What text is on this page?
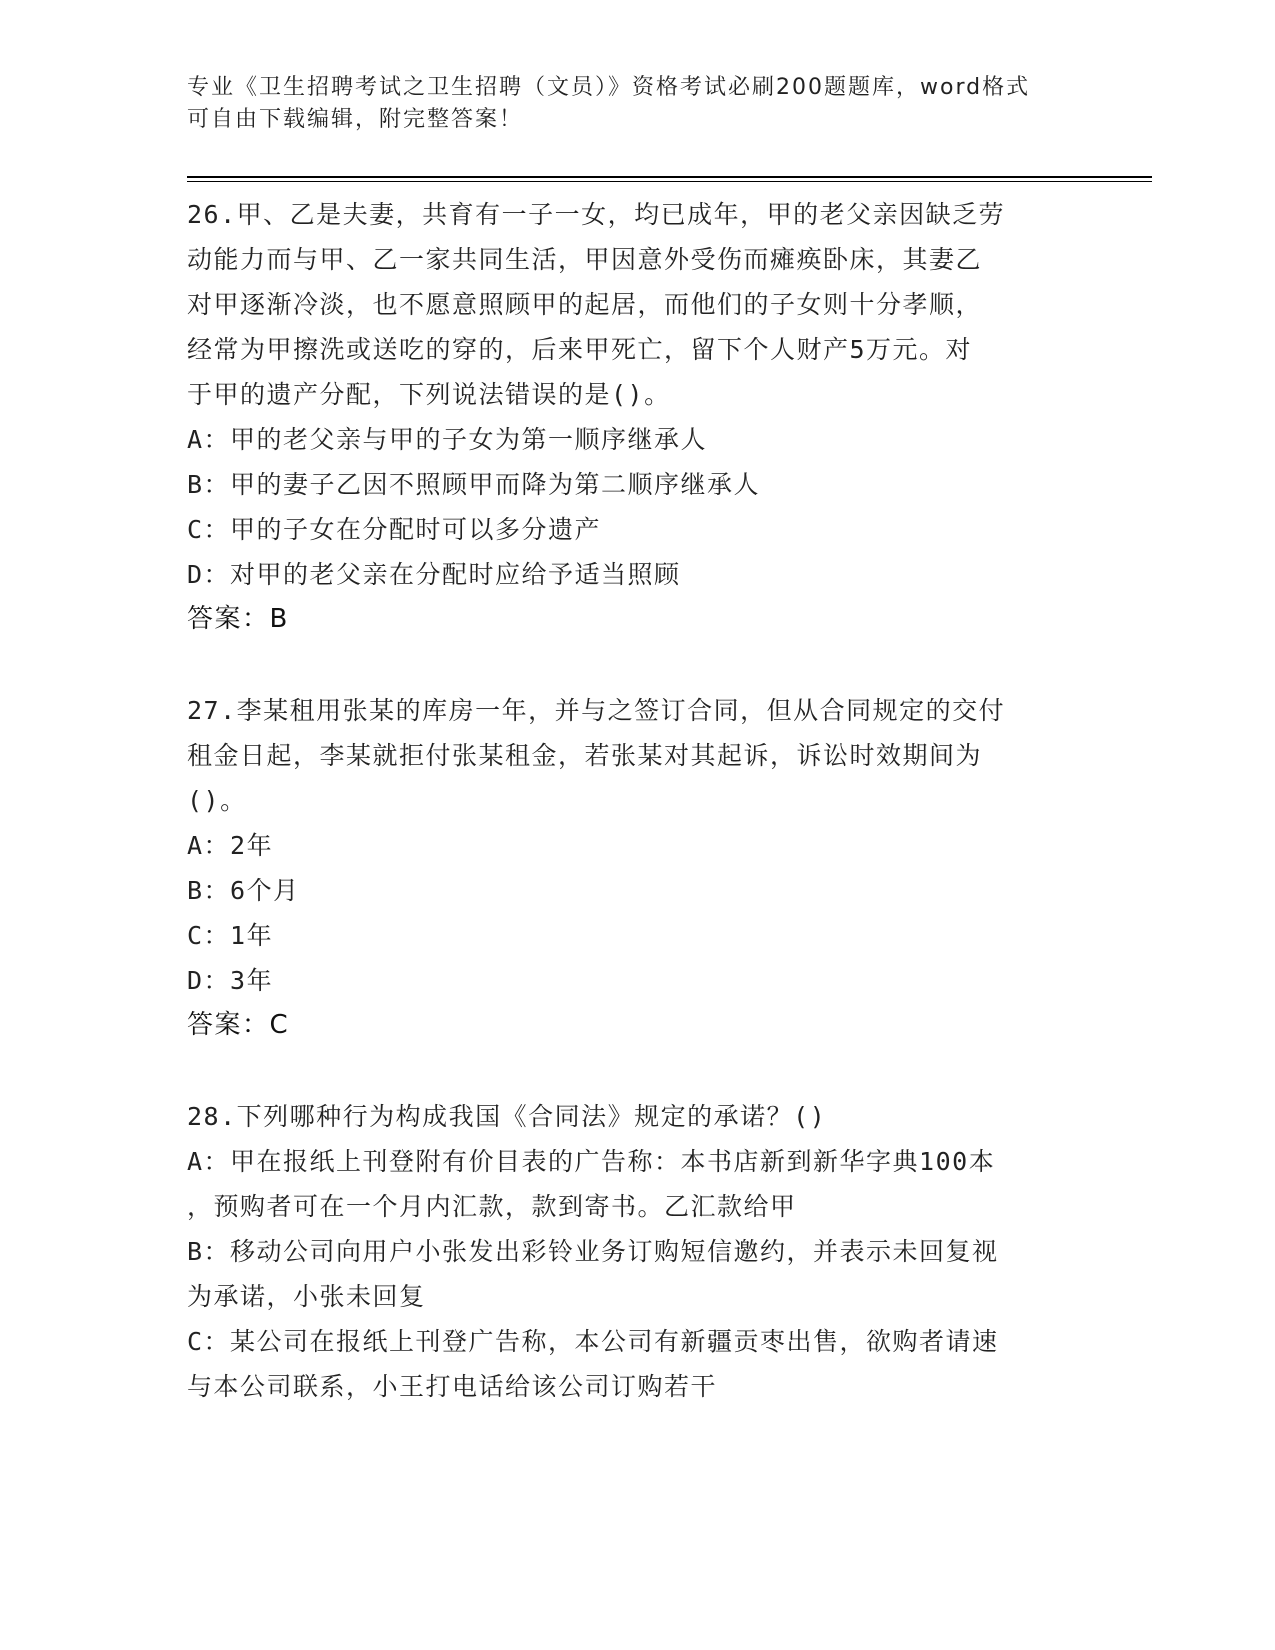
专业《卫生招聘考试之卫生招聘（文员）》资格考试必刷200题题库，word格式
可自由下载编辑，附完整答案！
26.甲、乙是夫妻，共育有一子一女，均已成年，甲的老父亲因缺乏劳
动能力而与甲、乙一家共同生活，甲因意外受伤而瘫痪卧床，其妻乙
对甲逐渐冷淡，也不愿意照顾甲的起居，而他们的子女则十分孝顺，
经常为甲擦洗或送吃的穿的，后来甲死亡，留下个人财产5万元。对
于甲的遗产分配，下列说法错误的是()。
A：甲的老父亲与甲的子女为第一顺序继承人
B：甲的妻子乙因不照顾甲而降为第二顺序继承人
C：甲的子女在分配时可以多分遗产
D：对甲的老父亲在分配时应给予适当照顾
答案：B
27.李某租用张某的库房一年，并与之签订合同，但从合同规定的交付
租金日起，李某就拒付张某租金，若张某对其起诉，诉讼时效期间为
()。
A：2年
B：6个月
C：1年
D：3年
答案：C
28.下列哪种行为构成我国《合同法》规定的承诺？()
A：甲在报纸上刊登附有价目表的广告称：本书店新到新华字典100本
，预购者可在一个月内汇款，款到寄书。乙汇款给甲
B：移动公司向用户小张发出彩铃业务订购短信邀约，并表示未回复视
为承诺，小张未回复
C：某公司在报纸上刊登广告称，本公司有新疆贡枣出售，欲购者请速
与本公司联系，小王打电话给该公司订购若干
